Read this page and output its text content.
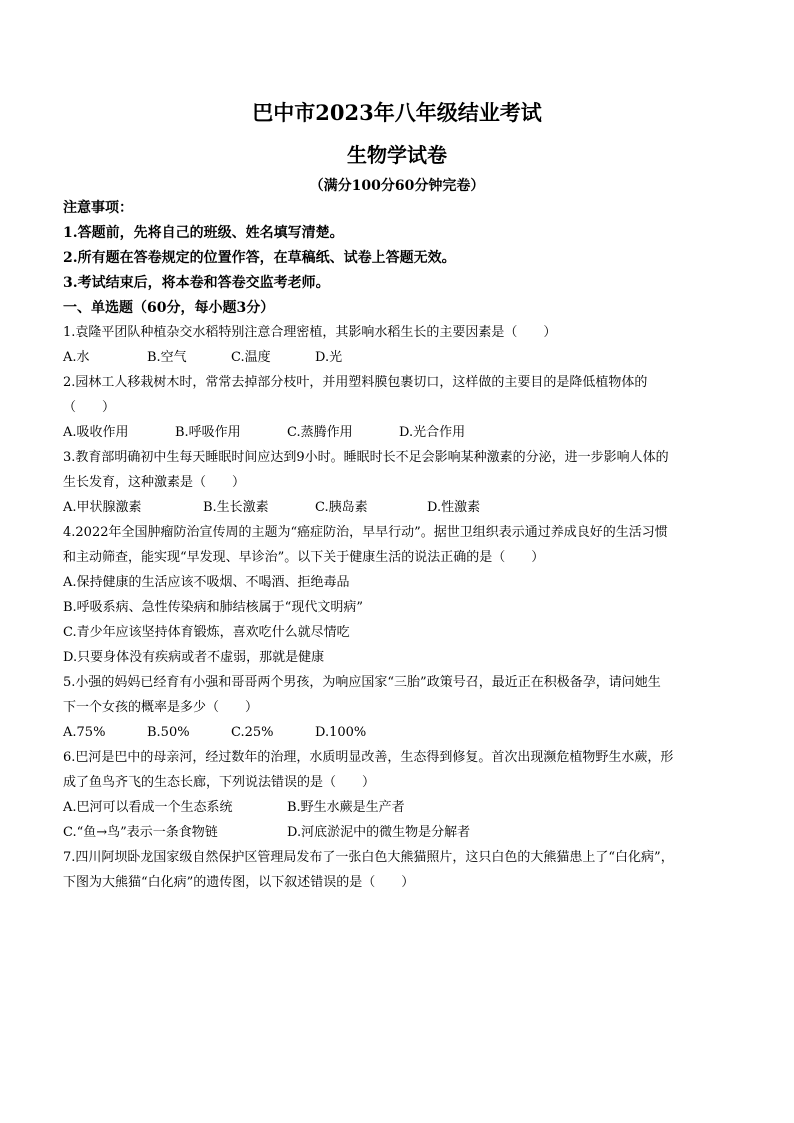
巴中市2023年八年级结业考试
生物学试卷
（满分100分60分钟完卷）
注意事项：
1.答题前，先将自己的班级、姓名填写清楚。
2.所有题在答卷规定的位置作答，在草稿纸、试卷上答题无效。
3.考试结束后，将本卷和答卷交监考老师。
一、单选题（60分，每小题3分）
1.袁隆平团队种植杂交水稻特别注意合理密植，其影响水稻生长的主要因素是（　　）
A.水	B.空气	C.温度	D.光
2.园林工人移栽树木时，常常去掉部分枝叶，并用塑料膜包裹切口，这样做的主要目的是降低植物体的
（　　）
A.吸收作用	B.呼吸作用	C.蒸腾作用	D.光合作用
3.教育部明确初中生每天睡眠时间应达到9小时。睡眠时长不足会影响某种激素的分泌，进一步影响人体的
生长发育，这种激素是（　　）
A.甲状腺激素	B.生长激素	C.胰岛素	D.性激素
4.2022年全国肿瘤防治宣传周的主题为“癌症防治，早早行动”。据世卫组织表示通过养成良好的生活习惯
和主动筛查，能实现“早发现、早诊治”。以下关于健康生活的说法正确的是（　　）
A.保持健康的生活应该不吸烟、不喝酒、拒绝毒品
B.呼吸系病、急性传染病和肺结核属于“现代文明病”
C.青少年应该坚持体育锻炼，喜欢吃什么就尽情吃
D.只要身体没有疾病或者不虚弱，那就是健康
5.小强的妈妈已经育有小强和哥哥两个男孩，为响应国家“三胎”政策号召，最近正在积极备孕，请问她生
下一个女孩的概率是多少（　　）
A.75%	B.50%	C.25%	D.100%
6.巴河是巴中的母亲河，经过数年的治理，水质明显改善，生态得到修复。首次出现濒危植物野生水蕨，形
成了鱼鸟齐飞的生态长廊，下列说法错误的是（　　）
A.巴河可以看成一个生态系统	B.野生水蕨是生产者
C.“鱼→鸟”表示一条食物链	D.河底淤泥中的微生物是分解者
7.四川阿坝卧龙国家级自然保护区管理局发布了一张白色大熊猫照片，这只白色的大熊猫患上了“白化病”，
下图为大熊猫“白化病”的遗传图，以下叙述错误的是（　　）
